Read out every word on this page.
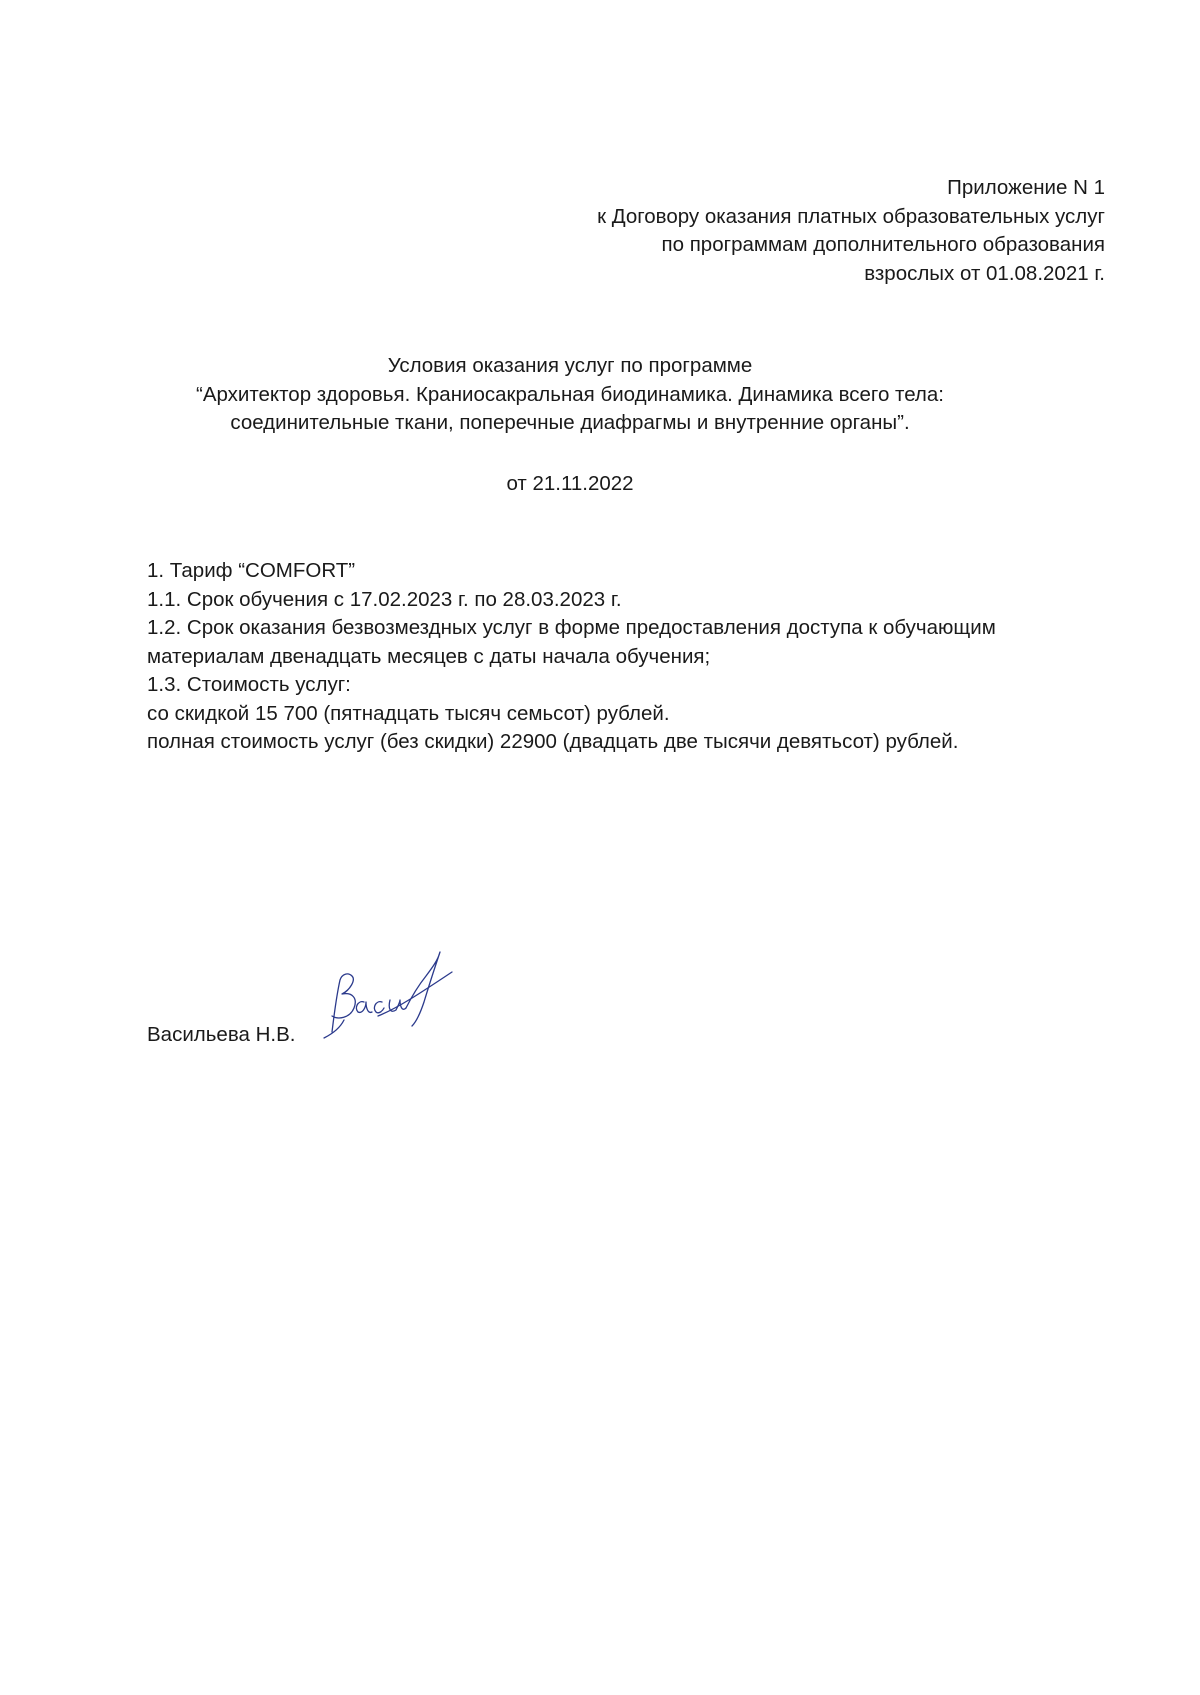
Приложение N 1
к Договору оказания платных образовательных услуг
по программам дополнительного образования
взрослых от 01.08.2021 г.
Условия оказания услуг по программе
“Архитектор здоровья. Краниосакральная биодинамика. Динамика всего тела:
соединительные ткани, поперечные диафрагмы и внутренние органы”.
от 21.11.2022
1. Тариф “COMFORT”
1.1. Срок обучения с 17.02.2023 г. по 28.03.2023 г.
1.2. Срок оказания безвозмездных услуг в форме предоставления доступа к обучающим
материалам двенадцать месяцев с даты начала обучения;
1.3. Стоимость услуг:
со скидкой 15 700 (пятнадцать тысяч семьсот) рублей.
полная стоимость услуг (без скидки) 22900 (двадцать две тысячи девятьсот) рублей.
Васильева Н.В.
